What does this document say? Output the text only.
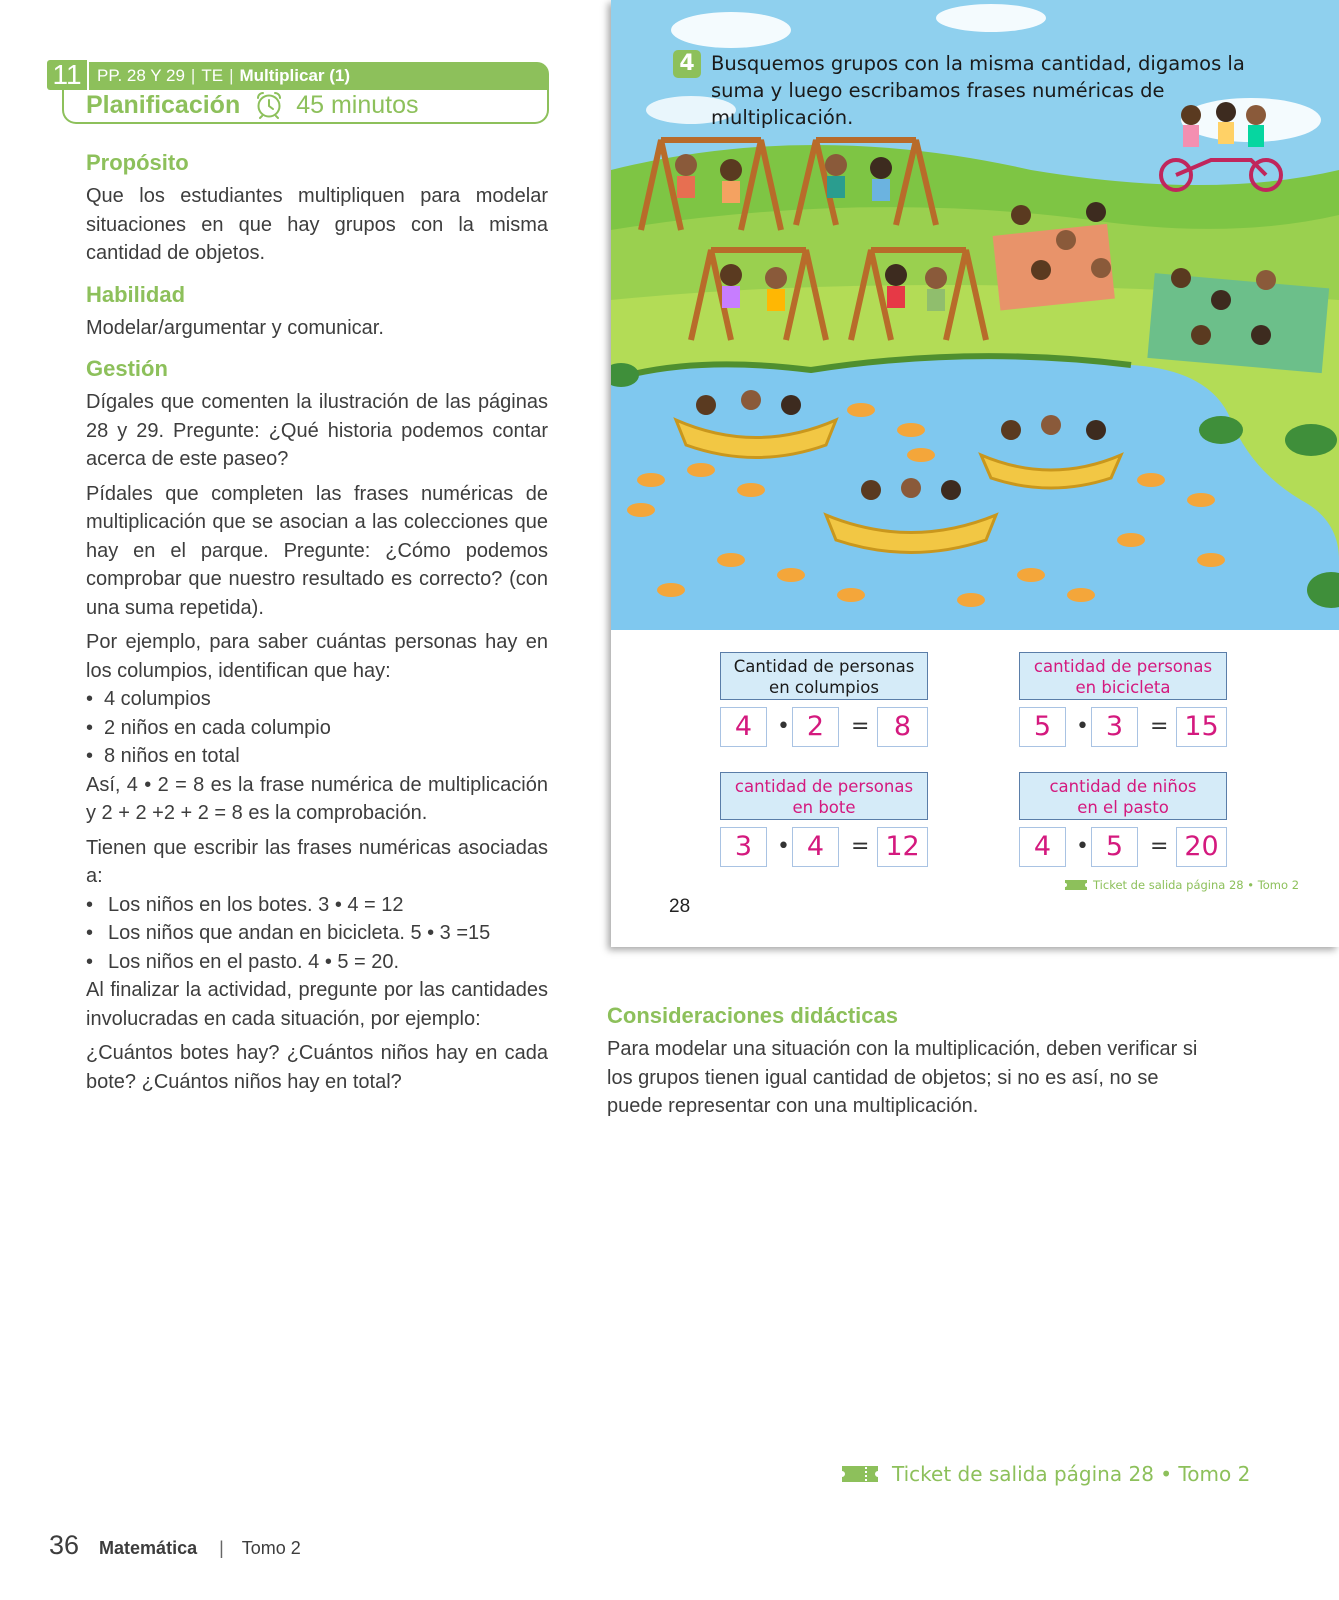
11 PP. 28 Y 29 | TE | Multiplicar (1)
Planificación 45 minutos
Propósito

Que los estudiantes multipliquen para modelar situaciones en que hay grupos con la misma cantidad de objetos.

Habilidad

Modelar/argumentar y comunicar.

Gestión

Dígales que comenten la ilustración de las páginas 28 y 29. Pregunte: ¿Qué historia podemos contar acerca de este paseo?

Pídales que completen las frases numéricas de multiplicación que se asocian a las colecciones que hay en el parque. Pregunte: ¿Cómo podemos comprobar que nuestro resultado es correcto? (con una suma repetida).

Por ejemplo, para saber cuántas personas hay en los columpios, identifican que hay:

• 4 columpios
• 2 niños en cada columpio
• 8 niños en total

Así, 4 • 2 = 8 es la frase numérica de multiplicación y 2 + 2 +2 + 2 = 8 es la comprobación.

Tienen que escribir las frases numéricas asociadas a:

• Los niños en los botes. 3 • 4 = 12
• Los niños que andan en bicicleta. 5 • 3 =15
• Los niños en el pasto. 4 • 5 = 20.

Al finalizar la actividad, pregunte por las cantidades involucradas en cada situación, por ejemplo:

¿Cuántos botes hay? ¿Cuántos niños hay en cada bote? ¿Cuántos niños hay en total?

4 Busquemos grupos con la misma cantidad, digamos la suma y luego escribamos frases numéricas de multiplicación.
Cantidad de personas
en columpios
4	• 2	= 8
cantidad de personas
en bicicleta
5	• 3	= 15
cantidad de personas
en bote
3	• 4	= 12
cantidad de niños
en el pasto
4	• 5	= 20
28
Ticket de salida página 28 • Tomo 2
Consideraciones didácticas

Para modelar una situación con la multiplicación, deben verificar si los grupos tienen igual cantidad de objetos; si no es así, no se puede representar con una multiplicación.

Ticket de salida página 28 • Tomo 2
36 Matemática | Tomo 2
